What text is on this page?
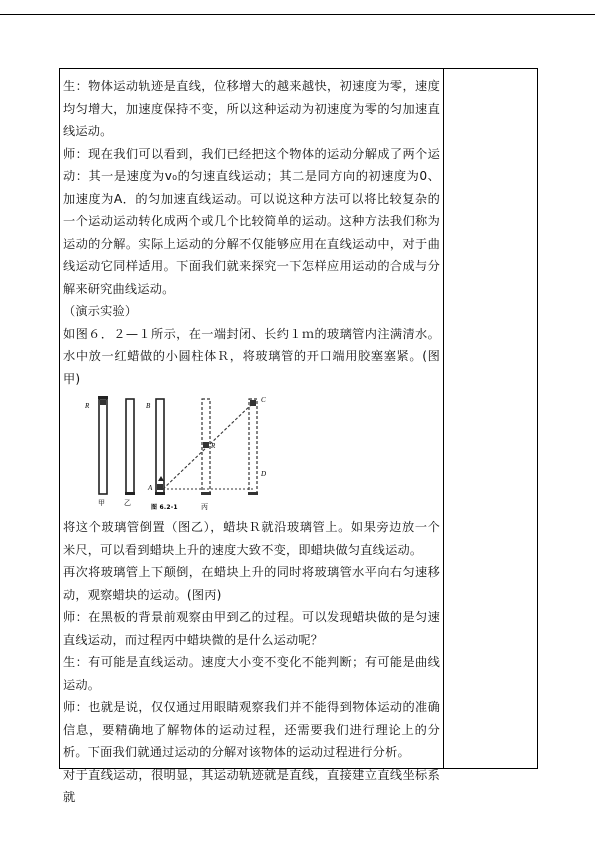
生：物体运动轨迹是直线，位移增大的越来越快，初速度为零，速度均匀增大，加速度保持不变，所以这种运动为初速度为零的匀加速直线运动。

师：现在我们可以看到，我们已经把这个物体的运动分解成了两个运动：其一是速度为v₀的匀速直线运动；其二是同方向的初速度为0、加速度为A．的匀加速直线运动。可以说这种方法可以将比较复杂的一个运动运动转化成两个或几个比较简单的运动。这种方法我们称为运动的分解。实际上运动的分解不仅能够应用在直线运动中，对于曲线运动它同样适用。下面我们就来探究一下怎样应用运动的合成与分解来研究曲线运动。

（演示实验）

如图６．２—１所示，在一端封闭、长约１ｍ的玻璃管内注满清水。水中放一红蜡做的小圆柱体Ｒ，将玻璃管的开口端用胶塞塞紧。(图甲)

R	B
C
D
A
R
甲	乙
图 6.2-1	丙

将这个玻璃管倒置（图乙），蜡块Ｒ就沿玻璃管上。如果旁边放一个米尺，可以看到蜡块上升的速度大致不变，即蜡块做匀直线运动。

再次将玻璃管上下颠倒，在蜡块上升的同时将玻璃管水平向右匀速移动，观察蜡块的运动。(图丙)

师：在黑板的背景前观察由甲到乙的过程。可以发现蜡块做的是匀速直线运动，而过程丙中蜡块微的是什么运动呢？

生：有可能是直线运动。速度大小变不变化不能判断；有可能是曲线运动。

师：也就是说，仅仅通过用眼睛观察我们并不能得到物体运动的准确信息，要精确地了解物体的运动过程，还需要我们进行理论上的分析。下面我们就通过运动的分解对该物体的运动过程进行分析。

对于直线运动，很明显，其运动轨迹就是直线，直接建立直线坐标系就
